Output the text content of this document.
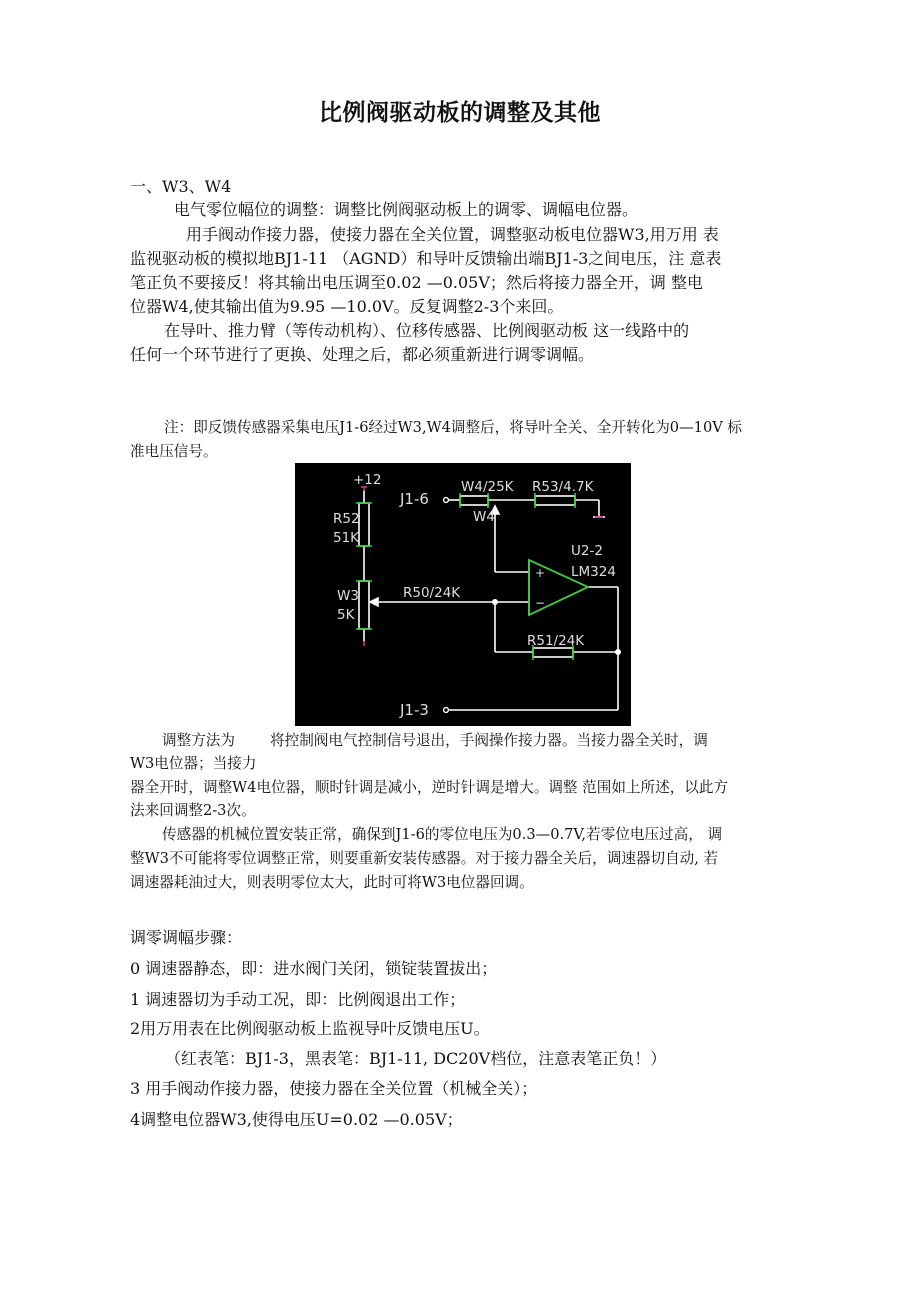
比例阀驱动板的调整及其他
一、W3、W4
电气零位幅位的调整：调整比例阀驱动板上的调零、调幅电位器。
用手阀动作接力器，使接力器在全关位置，调整驱动板电位器W3,用万用 表
监视驱动板的模拟地BJ1-11 （AGND）和导叶反馈输出端BJ1-3之间电压，注 意表
笔正负不要接反！将其输出电压调至0.02 —0.05V；然后将接力器全开，调 整电
位器W4,使其输出值为9.95 —10.0V。反复调整2-3个来回。
在导叶、推力臂（等传动机构）、位移传感器、比例阀驱动板 这一线路中的
任何一个环节进行了更换、处理之后，都必须重新进行调零调幅。
注：即反馈传感器采集电压J1-6经过W3,W4调整后，将导叶全关、全开转化为0—10V 标
准电压信号。
+12
R52
51K
W3
5K
J1-6
W4/25K
W4
R53/4.7K
U2-2
LM324
+
−
R50/24K
R51/24K
J1-3
调整方法为 将控制阀电气控制信号退出，手阀操作接力器。当接力器全关时，调
W3电位器；当接力
器全开时，调整W4电位器，顺时针调是减小，逆时针调是增大。调整 范围如上所述，以此方
法来回调整2-3次。
传感器的机械位置安装正常，确保到J1-6的零位电压为0.3—0.7V,若零位电压过高， 调
整W3不可能将零位调整正常，则要重新安装传感器。对于接力器全关后，调速器切自动, 若
调速器耗油过大，则表明零位太大，此时可将W3电位器回调。
调零调幅步骤：
0 调速器静态，即：进水阀门关闭，锁锭装置拔出；
1 调速器切为手动工况，即：比例阀退出工作；
2用万用表在比例阀驱动板上监视导叶反馈电压U。
（红表笔：BJ1-3，黑表笔：BJ1-11, DC20V档位，注意表笔正负！）
3 用手阀动作接力器，使接力器在全关位置（机械全关）；
4调整电位器W3,使得电压U=0.02 —0.05V；
